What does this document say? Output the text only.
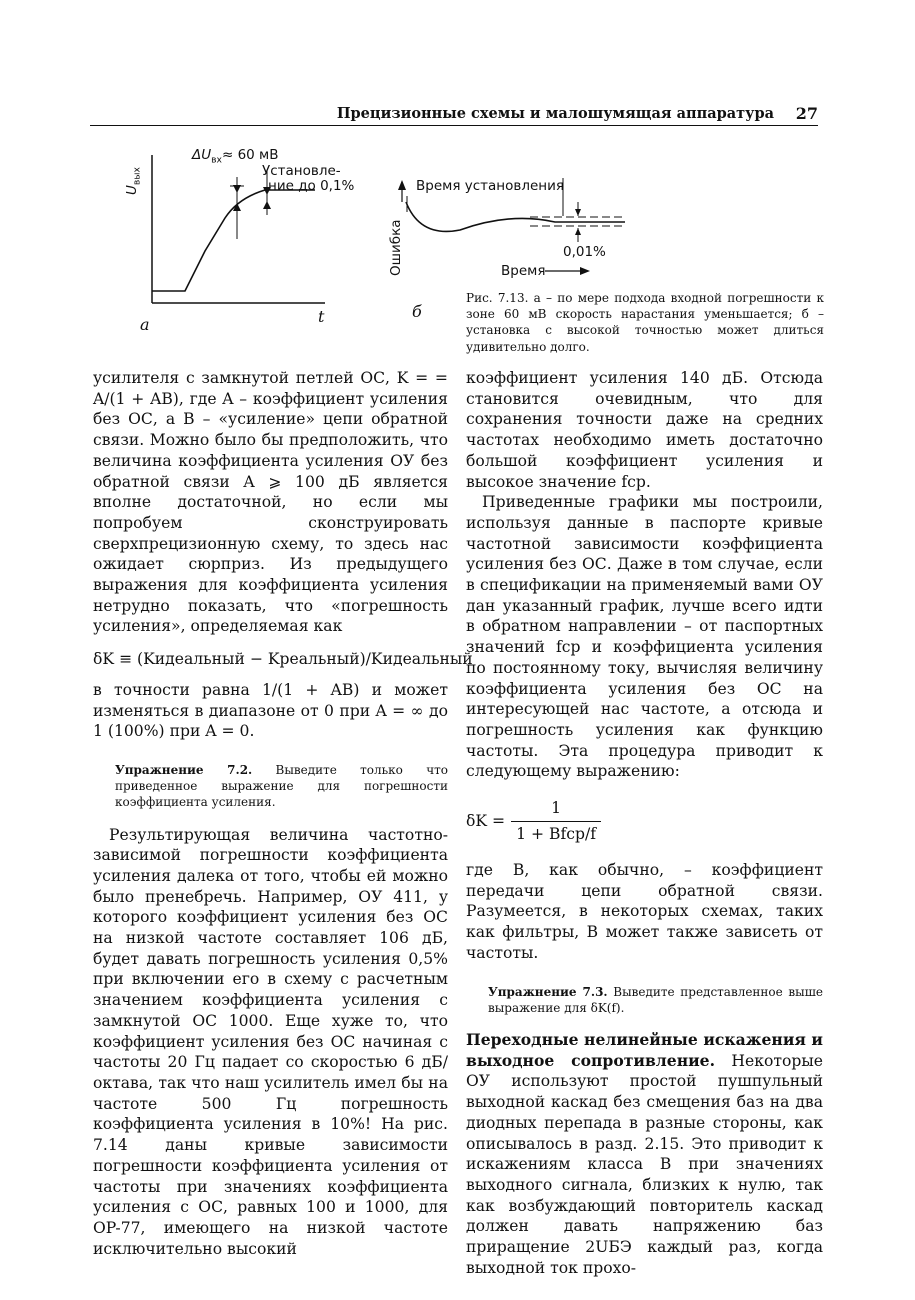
Прецизионные схемы и малошумящая аппаратура 27
$\Delta U_{вх}\approx 60$ мВ
Установле-
ние до 0,1%
$U_{вых}$
t
а
Время установления
Ошибка	0,01%
Время
б
Рис. 7.13. а – по мере подхода входной погрешности к зоне 60 мВ скорость нарастания уменьшается; б – установка с высокой точностью может длиться удивительно долго.

усилителя с замкнутой петлей ОС, K = = A/(1 + AB), где A – коэффициент усиления без ОС, а B – «усиление» цепи обратной связи. Можно было бы предположить, что величина коэффициента усиления ОУ без обратной связи A ⩾ 100 дБ является вполне достаточной, но если мы попробуем сконструировать сверхпрецизионную схему, то здесь нас ожидает сюрприз. Из предыдущего выражения для коэффициента усиления нетрудно показать, что «погрешность усиления», определяемая как

δK ≡ (Kидеальный − Kреальный)/Kидеальный

в точности равна 1/(1 + AB) и может изменяться в диапазоне от 0 при A = ∞ до 1 (100%) при A = 0.

Упражнение 7.2. Выведите только что приведенное выражение для погрешности коэффициента усиления.

Результирующая величина частотно-зависимой погрешности коэффициента усиления далека от того, чтобы ей можно было пренебречь. Например, ОУ 411, у которого коэффициент усиления без ОС на низкой частоте составляет 106 дБ, будет давать погрешность усиления 0,5% при включении его в схему с расчетным значением коэффициента усиления с замкнутой ОС 1000. Еще хуже то, что коэффициент усиления без ОС начиная с частоты 20 Гц падает со скоростью 6 дБ/октава, так что наш усилитель имел бы на частоте 500 Гц погрешность коэффициента усиления в 10%! На рис. 7.14 даны кривые зависимости погрешности коэффициента усиления от частоты при значениях коэффициента усиления с ОС, равных 100 и 1000, для OP-77, имеющего на низкой частоте исключительно высокий

коэффициент усиления 140 дБ. Отсюда становится очевидным, что для сохранения точности даже на средних частотах необходимо иметь достаточно большой коэффициент усиления и высокое значение fср.

Приведенные графики мы построили, используя данные в паспорте кривые частотной зависимости коэффициента усиления без ОС. Даже в том случае, если в спецификации на применяемый вами ОУ дан указанный график, лучше всего идти в обратном направлении – от паспортных значений fср и коэффициента усиления по постоянному току, вычисляя величину коэффициента усиления без ОС на интересующей нас частоте, а отсюда и погрешность усиления как функцию частоты. Эта процедура приводит к следующему выражению:

$\delta K = \frac{1}{\text{1 + Bfср/f}}$

где B, как обычно, – коэффициент передачи цепи обратной связи. Разумеется, в некоторых схемах, таких как фильтры, B может также зависеть от частоты.

Упражнение 7.3. Выведите представленное выше выражение для δK(f).

Переходные нелинейные искажения и выходное сопротивление. Некоторые ОУ используют простой пушпульный выходной каскад без смещения баз на два диодных перепада в разные стороны, как описывалось в разд. 2.15. Это приводит к искажениям класса B при значениях выходного сигнала, близких к нулю, так как возбуждающий повторитель каскад должен давать напряжению баз приращение 2UБЭ каждый раз, когда выходной ток прохо-
